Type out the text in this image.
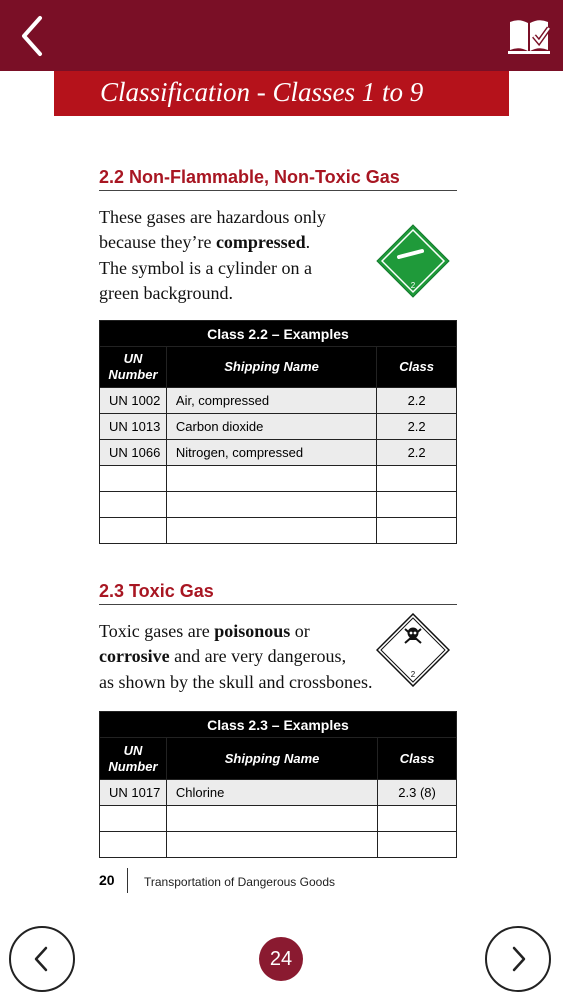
Classification - Classes 1 to 9
2.2 Non-Flammable, Non-Toxic Gas
These gases are hazardous only
because they’re compressed.
The symbol is a cylinder on a
green background.	2
Class 2.2 – Examples		
UN
Number	Shipping Name	Class
UN 1002	Air, compressed	2.2
UN 1013	Carbon dioxide	2.2
UN 1066	Nitrogen, compressed	2.2

2.3 Toxic Gas
Toxic gases are poisonous or
corrosive and are very dangerous,
as shown by the skull and crossbones.	2
Class 2.3 – Examples		
UN
Number	Shipping Name	Class
UN 1017	Chlorine	2.3 (8)

20 Transportation of Dangerous Goods
24
